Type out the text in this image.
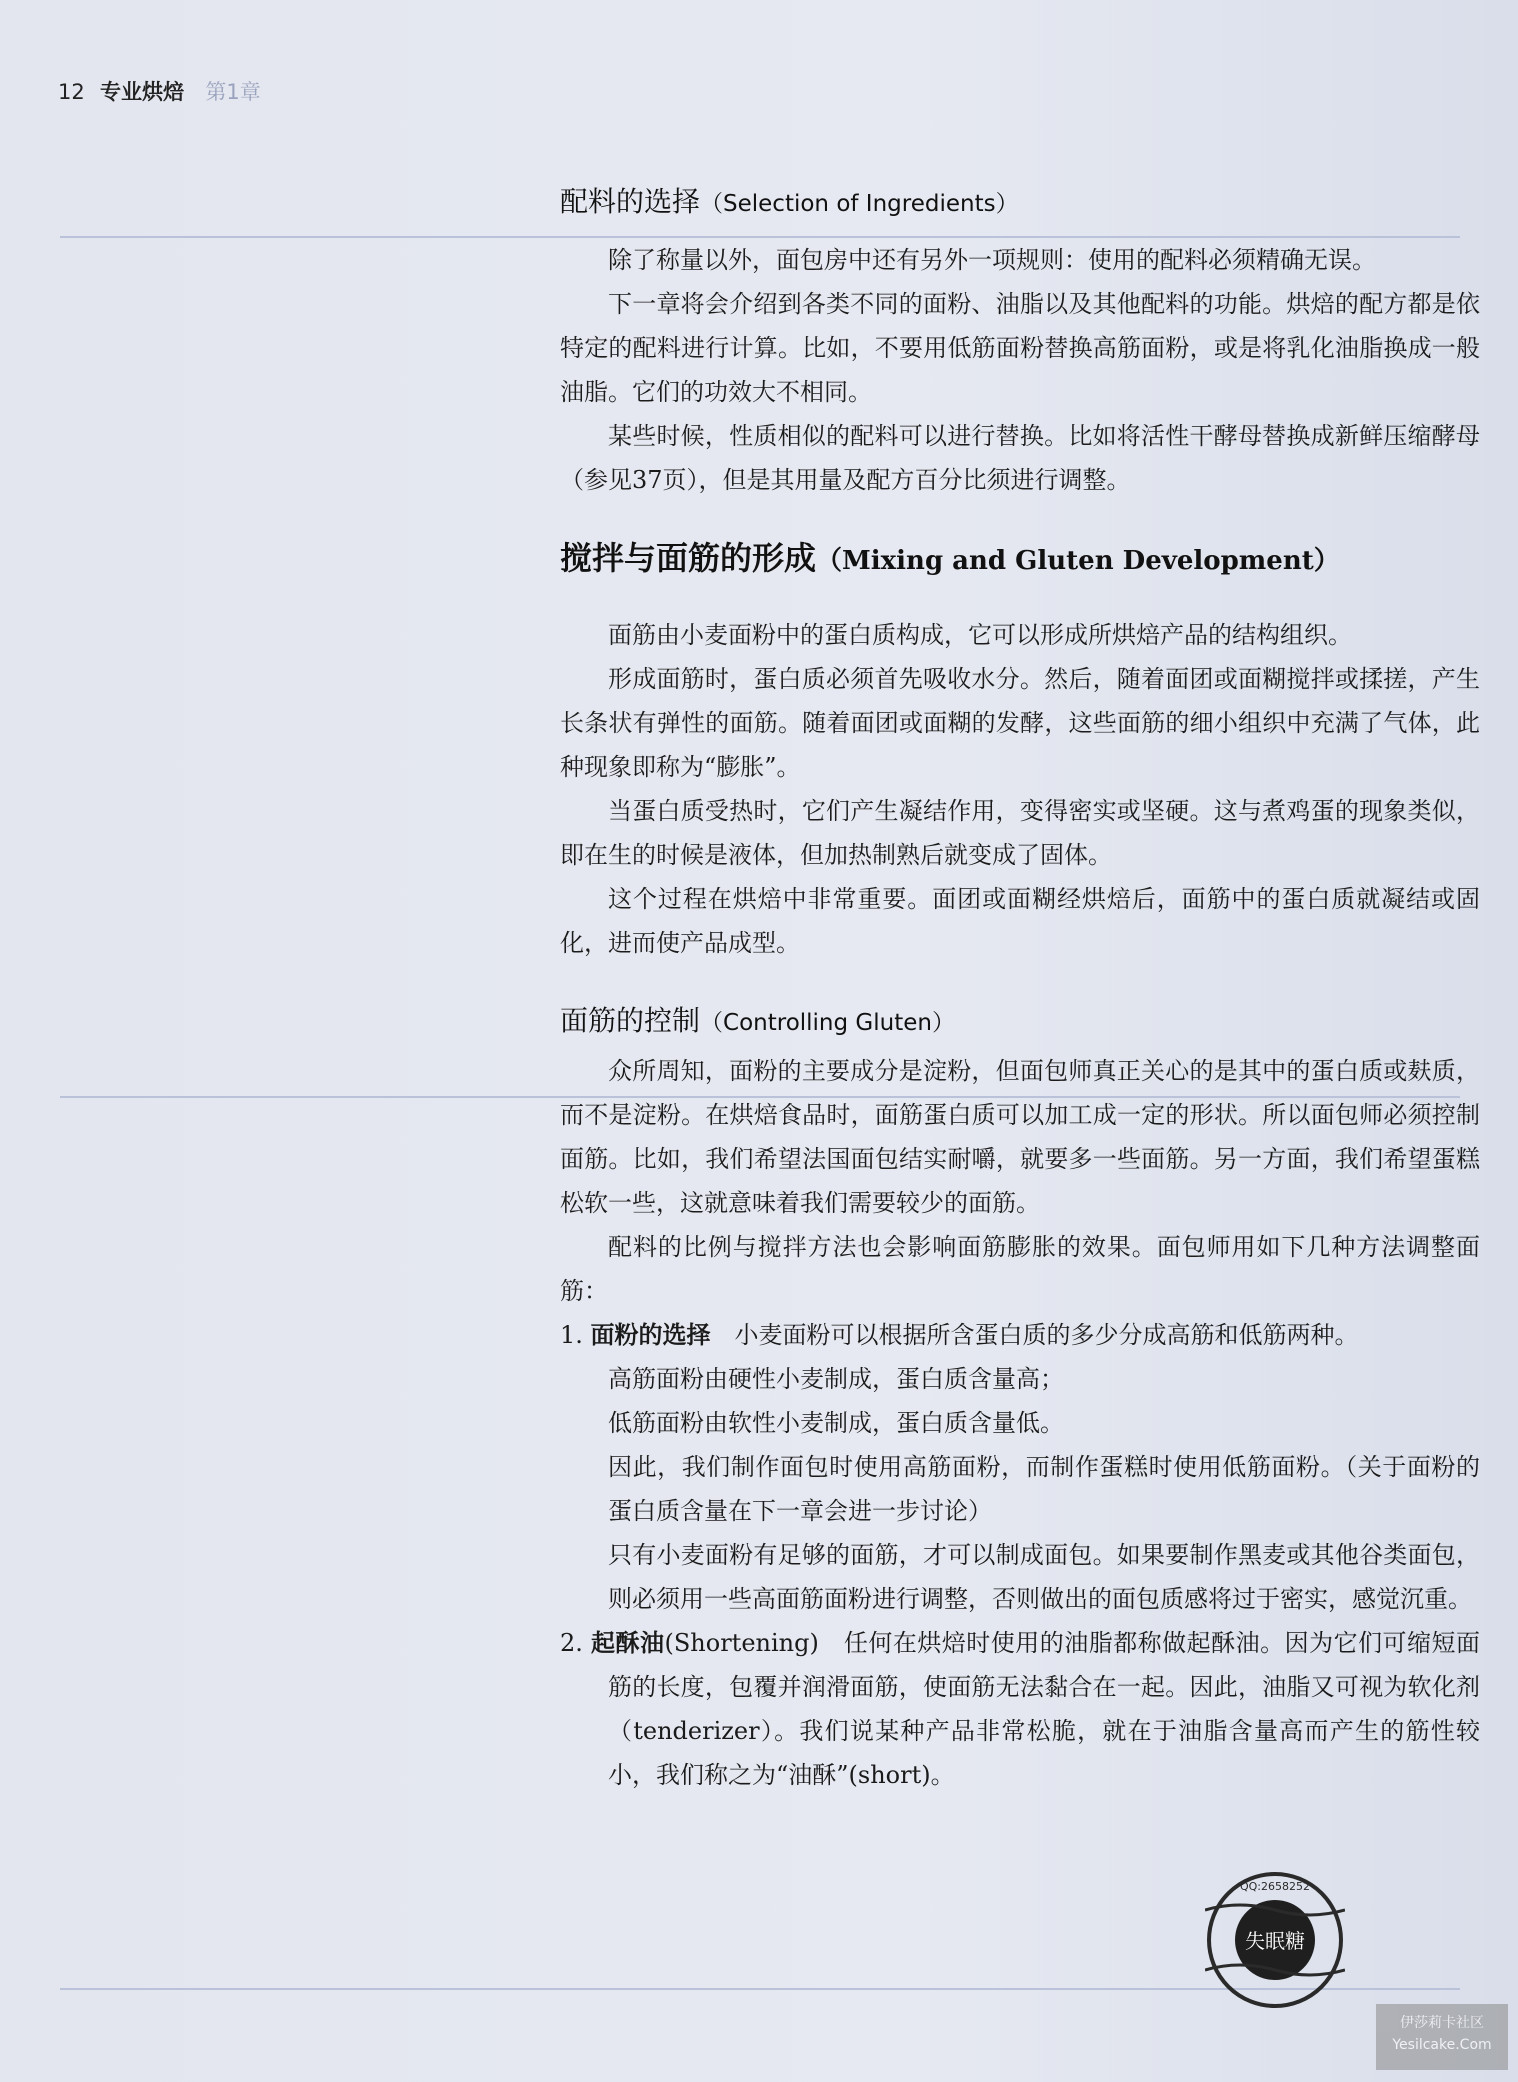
12 专业烘焙 第1章
配料的选择（Selection of Ingredients）

除了称量以外，面包房中还有另外一项规则：使用的配料必须精确无误。

下一章将会介绍到各类不同的面粉、油脂以及其他配料的功能。烘焙的配方都是依特定的配料进行计算。比如，不要用低筋面粉替换高筋面粉，或是将乳化油脂换成一般油脂。它们的功效大不相同。

某些时候，性质相似的配料可以进行替换。比如将活性干酵母替换成新鲜压缩酵母（参见37页），但是其用量及配方百分比须进行调整。

搅拌与面筋的形成（Mixing and Gluten Development）

面筋由小麦面粉中的蛋白质构成，它可以形成所烘焙产品的结构组织。

形成面筋时，蛋白质必须首先吸收水分。然后，随着面团或面糊搅拌或揉搓，产生长条状有弹性的面筋。随着面团或面糊的发酵，这些面筋的细小组织中充满了气体，此种现象即称为“膨胀”。

当蛋白质受热时，它们产生凝结作用，变得密实或坚硬。这与煮鸡蛋的现象类似，即在生的时候是液体，但加热制熟后就变成了固体。

这个过程在烘焙中非常重要。面团或面糊经烘焙后，面筋中的蛋白质就凝结或固化，进而使产品成型。

面筋的控制（Controlling Gluten）

众所周知，面粉的主要成分是淀粉，但面包师真正关心的是其中的蛋白质或麸质，而不是淀粉。在烘焙食品时，面筋蛋白质可以加工成一定的形状。所以面包师必须控制面筋。比如，我们希望法国面包结实耐嚼，就要多一些面筋。另一方面，我们希望蛋糕松软一些，这就意味着我们需要较少的面筋。

配料的比例与搅拌方法也会影响面筋膨胀的效果。面包师用如下几种方法调整面筋：

1. 面粉的选择　 小麦面粉可以根据所含蛋白质的多少分成高筋和低筋两种。
高筋面粉由硬性小麦制成，蛋白质含量高；
低筋面粉由软性小麦制成，蛋白质含量低。
因此，我们制作面包时使用高筋面粉，而制作蛋糕时使用低筋面粉。（关于面粉的蛋白质含量在下一章会进一步讨论）
只有小麦面粉有足够的面筋，才可以制成面包。如果要制作黑麦或其他谷类面包，则必须用一些高面筋面粉进行调整，否则做出的面包质感将过于密实，感觉沉重。
2. 起酥油(Shortening)　 任何在烘焙时使用的油脂都称做起酥油。因为它们可缩短面筋的长度，包覆并润滑面筋，使面筋无法黏合在一起。因此，油脂又可视为软化剂（tenderizer）。我们说某种产品非常松脆，就在于油脂含量高而产生的筋性较小，我们称之为“油酥”(short)。
失眠糖
QQ:2658252
伊莎莉卡社区
Yesilcake.Com
